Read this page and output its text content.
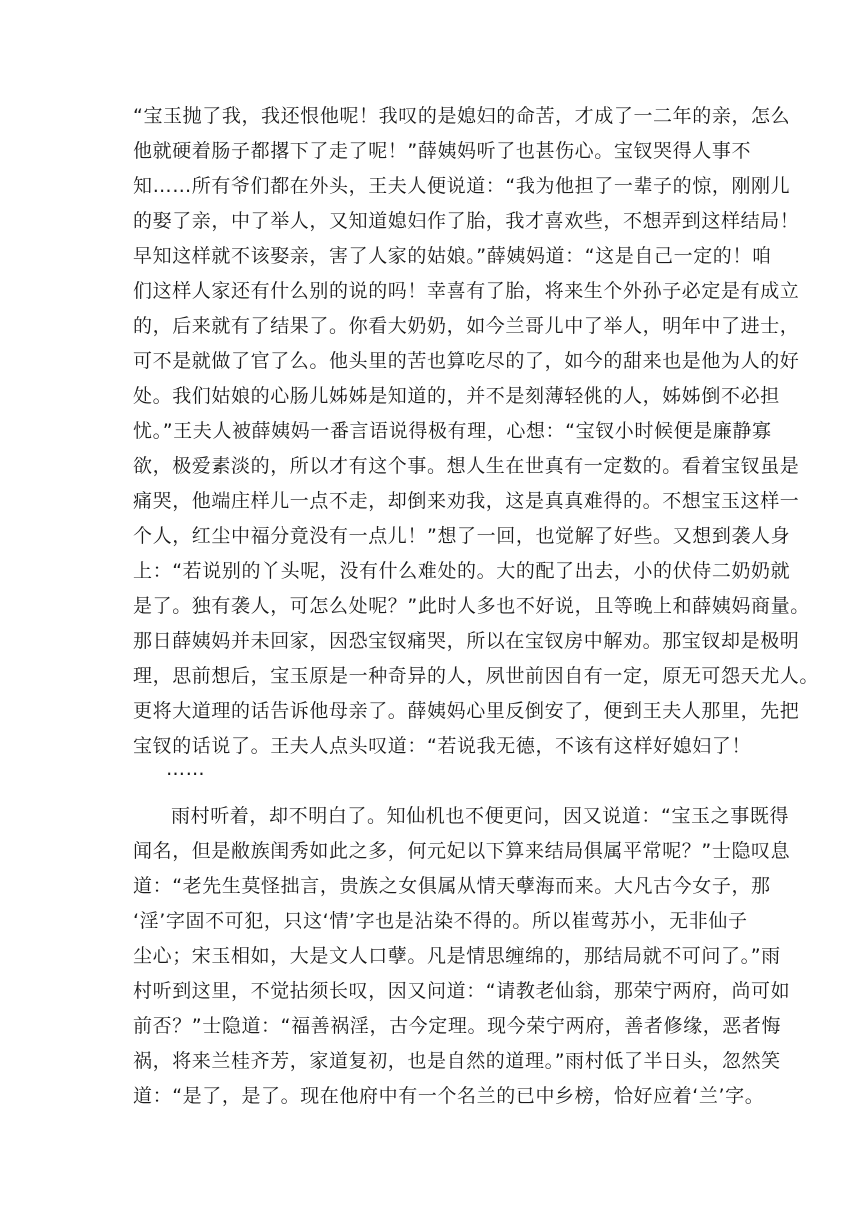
“宝玉抛了我，我还恨他呢！我叹的是媳妇的命苦，才成了一二年的亲，怎么
他就硬着肠子都撂下了走了呢！”薛姨妈听了也甚伤心。宝钗哭得人事不
知……所有爷们都在外头，王夫人便说道：“我为他担了一辈子的惊，刚刚儿
的娶了亲，中了举人，又知道媳妇作了胎，我才喜欢些，不想弄到这样结局！
早知这样就不该娶亲，害了人家的姑娘。”薛姨妈道：“这是自己一定的！咱
们这样人家还有什么别的说的吗！幸喜有了胎，将来生个外孙子必定是有成立
的，后来就有了结果了。你看大奶奶，如今兰哥儿中了举人，明年中了进士，
可不是就做了官了么。他头里的苦也算吃尽的了，如今的甜来也是他为人的好
处。我们姑娘的心肠儿姊姊是知道的，并不是刻薄轻佻的人，姊姊倒不必担
忧。”王夫人被薛姨妈一番言语说得极有理，心想：“宝钗小时候便是廉静寡
欲，极爱素淡的，所以才有这个事。想人生在世真有一定数的。看着宝钗虽是
痛哭，他端庄样儿一点不走，却倒来劝我，这是真真难得的。不想宝玉这样一
个人，红尘中福分竟没有一点儿！”想了一回，也觉解了好些。又想到袭人身
上：“若说别的丫头呢，没有什么难处的。大的配了出去，小的伏侍二奶奶就
是了。独有袭人，可怎么处呢？”此时人多也不好说，且等晚上和薛姨妈商量。
那日薛姨妈并未回家，因恐宝钗痛哭，所以在宝钗房中解劝。那宝钗却是极明
理，思前想后，宝玉原是一种奇异的人，夙世前因自有一定，原无可怨天尤人。
更将大道理的话告诉他母亲了。薛姨妈心里反倒安了，便到王夫人那里，先把
宝钗的话说了。王夫人点头叹道：“若说我无德，不该有这样好媳妇了！
……
雨村听着，却不明白了。知仙机也不便更问，因又说道：“宝玉之事既得
闻名，但是敝族闺秀如此之多，何元妃以下算来结局俱属平常呢？”士隐叹息
道：“老先生莫怪拙言，贵族之女俱属从情天孽海而来。大凡古今女子，那
‘淫’字固不可犯，只这‘情’字也是沾染不得的。所以崔莺苏小，无非仙子
尘心；宋玉相如，大是文人口孽。凡是情思缠绵的，那结局就不可问了。”雨
村听到这里，不觉拈须长叹，因又问道：“请教老仙翁，那荣宁两府，尚可如
前否？”士隐道：“福善祸淫，古今定理。现今荣宁两府，善者修缘，恶者悔
祸，将来兰桂齐芳，家道复初，也是自然的道理。”雨村低了半日头，忽然笑
道：“是了，是了。现在他府中有一个名兰的已中乡榜，恰好应着‘兰’字。
